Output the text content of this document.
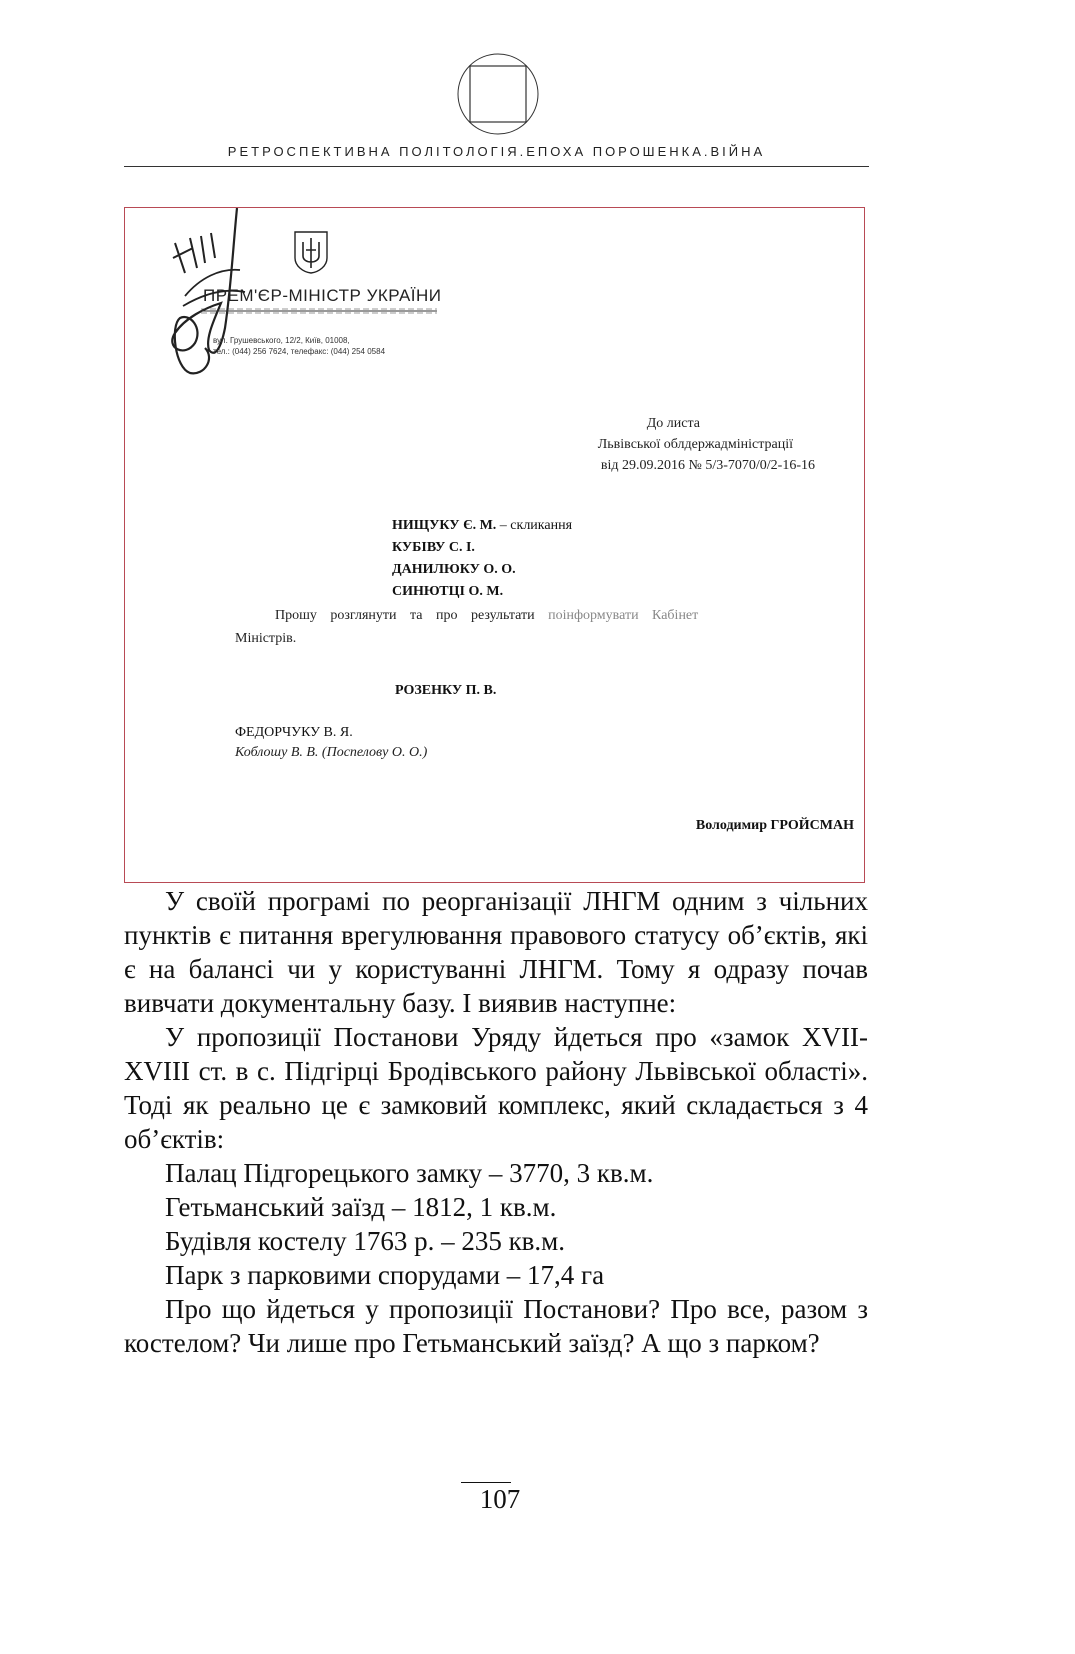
РЕТРОСПЕКТИВНА ПОЛІТОЛОГІЯ.ЕПОХА ПОРОШЕНКА.ВІЙНА
ПРЕМ'ЄР-МІНІСТР УКРАЇНИ
вул. Грушевського, 12/2, Київ, 01008,
тел.: (044) 256 7624, телефакс: (044) 254 0584
До листа
Львівської облдержадміністрації
від 29.09.2016 № 5/3-7070/0/2-16-16
НИЩУКУ Є. М. – скликання
КУБІВУ С. І.
ДАНИЛЮКУ О. О.
СИНЮТЦІ О. М.
Прошу розглянути та про результати поінформувати Кабінет
Міністрів.
РОЗЕНКУ П. В.
ФЕДОРЧУКУ В. Я.
Коблошу В. В. (Поспелову О. О.)
Володимир ГРОЙСМАН

У своїй програмі по реорганізації ЛНГМ одним з чільних пунктів є питання врегулювання правового статусу об’єктів, які є на балансі чи у користуванні ЛНГМ. Тому я одразу почав вивчати документальну базу. І виявив наступне:

У пропозиції Постанови Уряду йдеться про «замок XVII-XVIII ст. в с. Підгірці Бродівського району Львівської області». Тоді як реально це є замковий комплекс, який складається з 4 об’єктів:

Палац Підгорецького замку – 3770, 3 кв.м.

Гетьманський заїзд – 1812, 1 кв.м.

Будівля костелу 1763 р. – 235 кв.м.

Парк з парковими спорудами – 17,4 га

Про що йдеться у пропозиції Постанови? Про все, разом з костелом? Чи лише про Гетьманський заїзд? А що з парком?

107
